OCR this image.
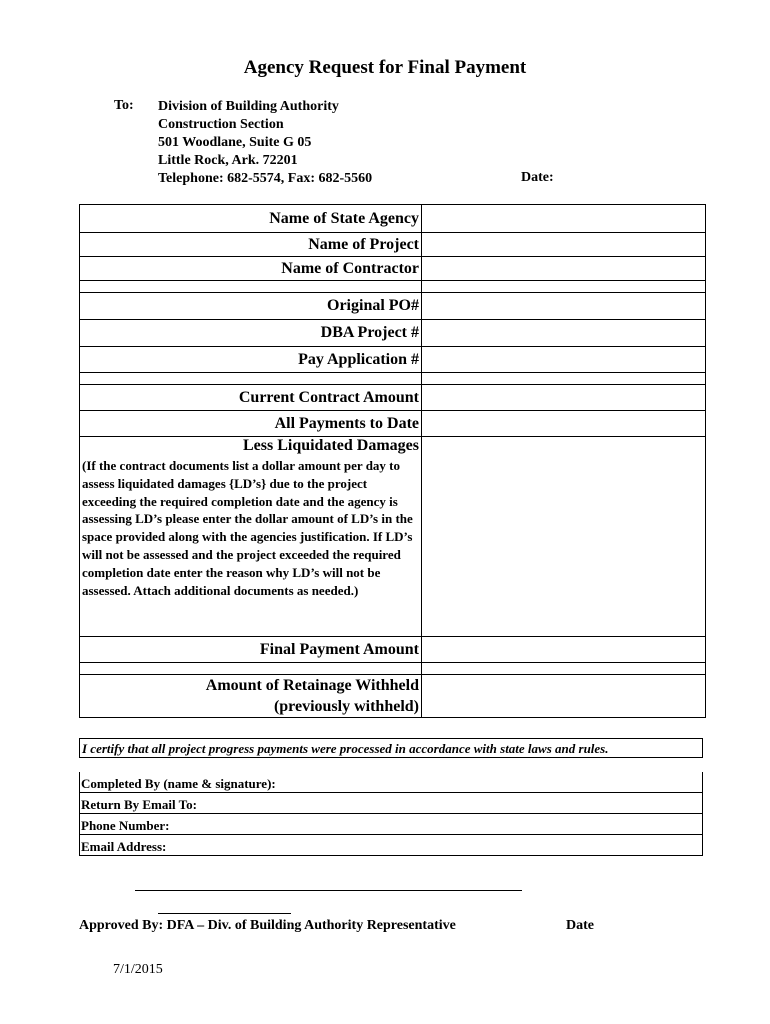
Agency Request for Final Payment
To: Division of Building Authority
Construction Section
501 Woodlane, Suite G 05
Little Rock, Ark. 72201
Telephone: 682-5574, Fax: 682-5560	Date:
Name of State Agency	
Name of Project	
Name of Contractor	

Original PO#	
DBA Project #	
Pay Application #	

Current Contract Amount	
All Payments to Date	

Less Liquidated Damages
(If the contract documents list a dollar amount per day to assess liquidated damages {LD’s} due to the project exceeding the required completion date and the agency is assessing LD’s please enter the dollar amount of LD’s in the space provided along with the agencies justification. If LD’s will not be assessed and the project exceeded the required completion date enter the reason why LD’s will not be assessed. Attach additional documents as needed.)	

Final Payment Amount	

Amount of Retainage Withheld
(previously withheld)	

I certify that all project progress payments were processed in accordance with state laws and rules.
Completed By (name & signature):
Return By Email To:
Phone Number:
Email Address:
Approved By: DFA – Div. of Building Authority Representative	Date
7/1/2015
